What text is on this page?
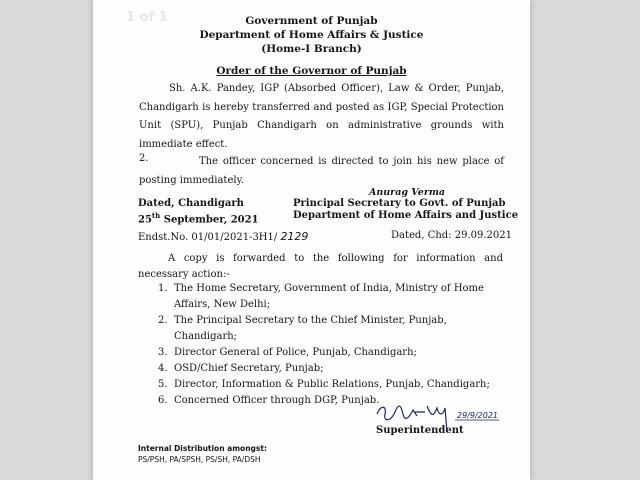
1 of 1	Government of Punjab
Department of Home Affairs & Justice
(Home-I Branch)
Order of the Governor of Punjab
Sh. A.K. Pandey, IGP (Absorbed Officer), Law & Order, Punjab, Chandigarh is hereby transferred and posted as IGP, Special Protection Unit (SPU), Punjab Chandigarh on administrative grounds with immediate effect.
2.	The officer concerned is directed to join his new place of posting immediately.
Anurag Verma
Dated, Chandigarh
25th September, 2021
Principal Secretary to Govt. of Punjab
Department of Home Affairs and Justice
Endst.No. 01/01/2021-3H1/ 2129	Dated, Chd: 29.09.2021
A copy is forwarded to the following for information and necessary action:-
1. The Home Secretary, Government of India, Ministry of Home Affairs, New Delhi;
2. The Principal Secretary to the Chief Minister, Punjab, Chandigarh;
3. Director General of Police, Punjab, Chandigarh;
4. OSD/Chief Secretary, Punjab;
5. Director, Information & Public Relations, Punjab, Chandigarh;
6. Concerned Officer through DGP, Punjab.
29/9/2021
Superintendent
Internal Distribution amongst:
PS/PSH, PA/SPSH, PS/SH, PA/DSH
